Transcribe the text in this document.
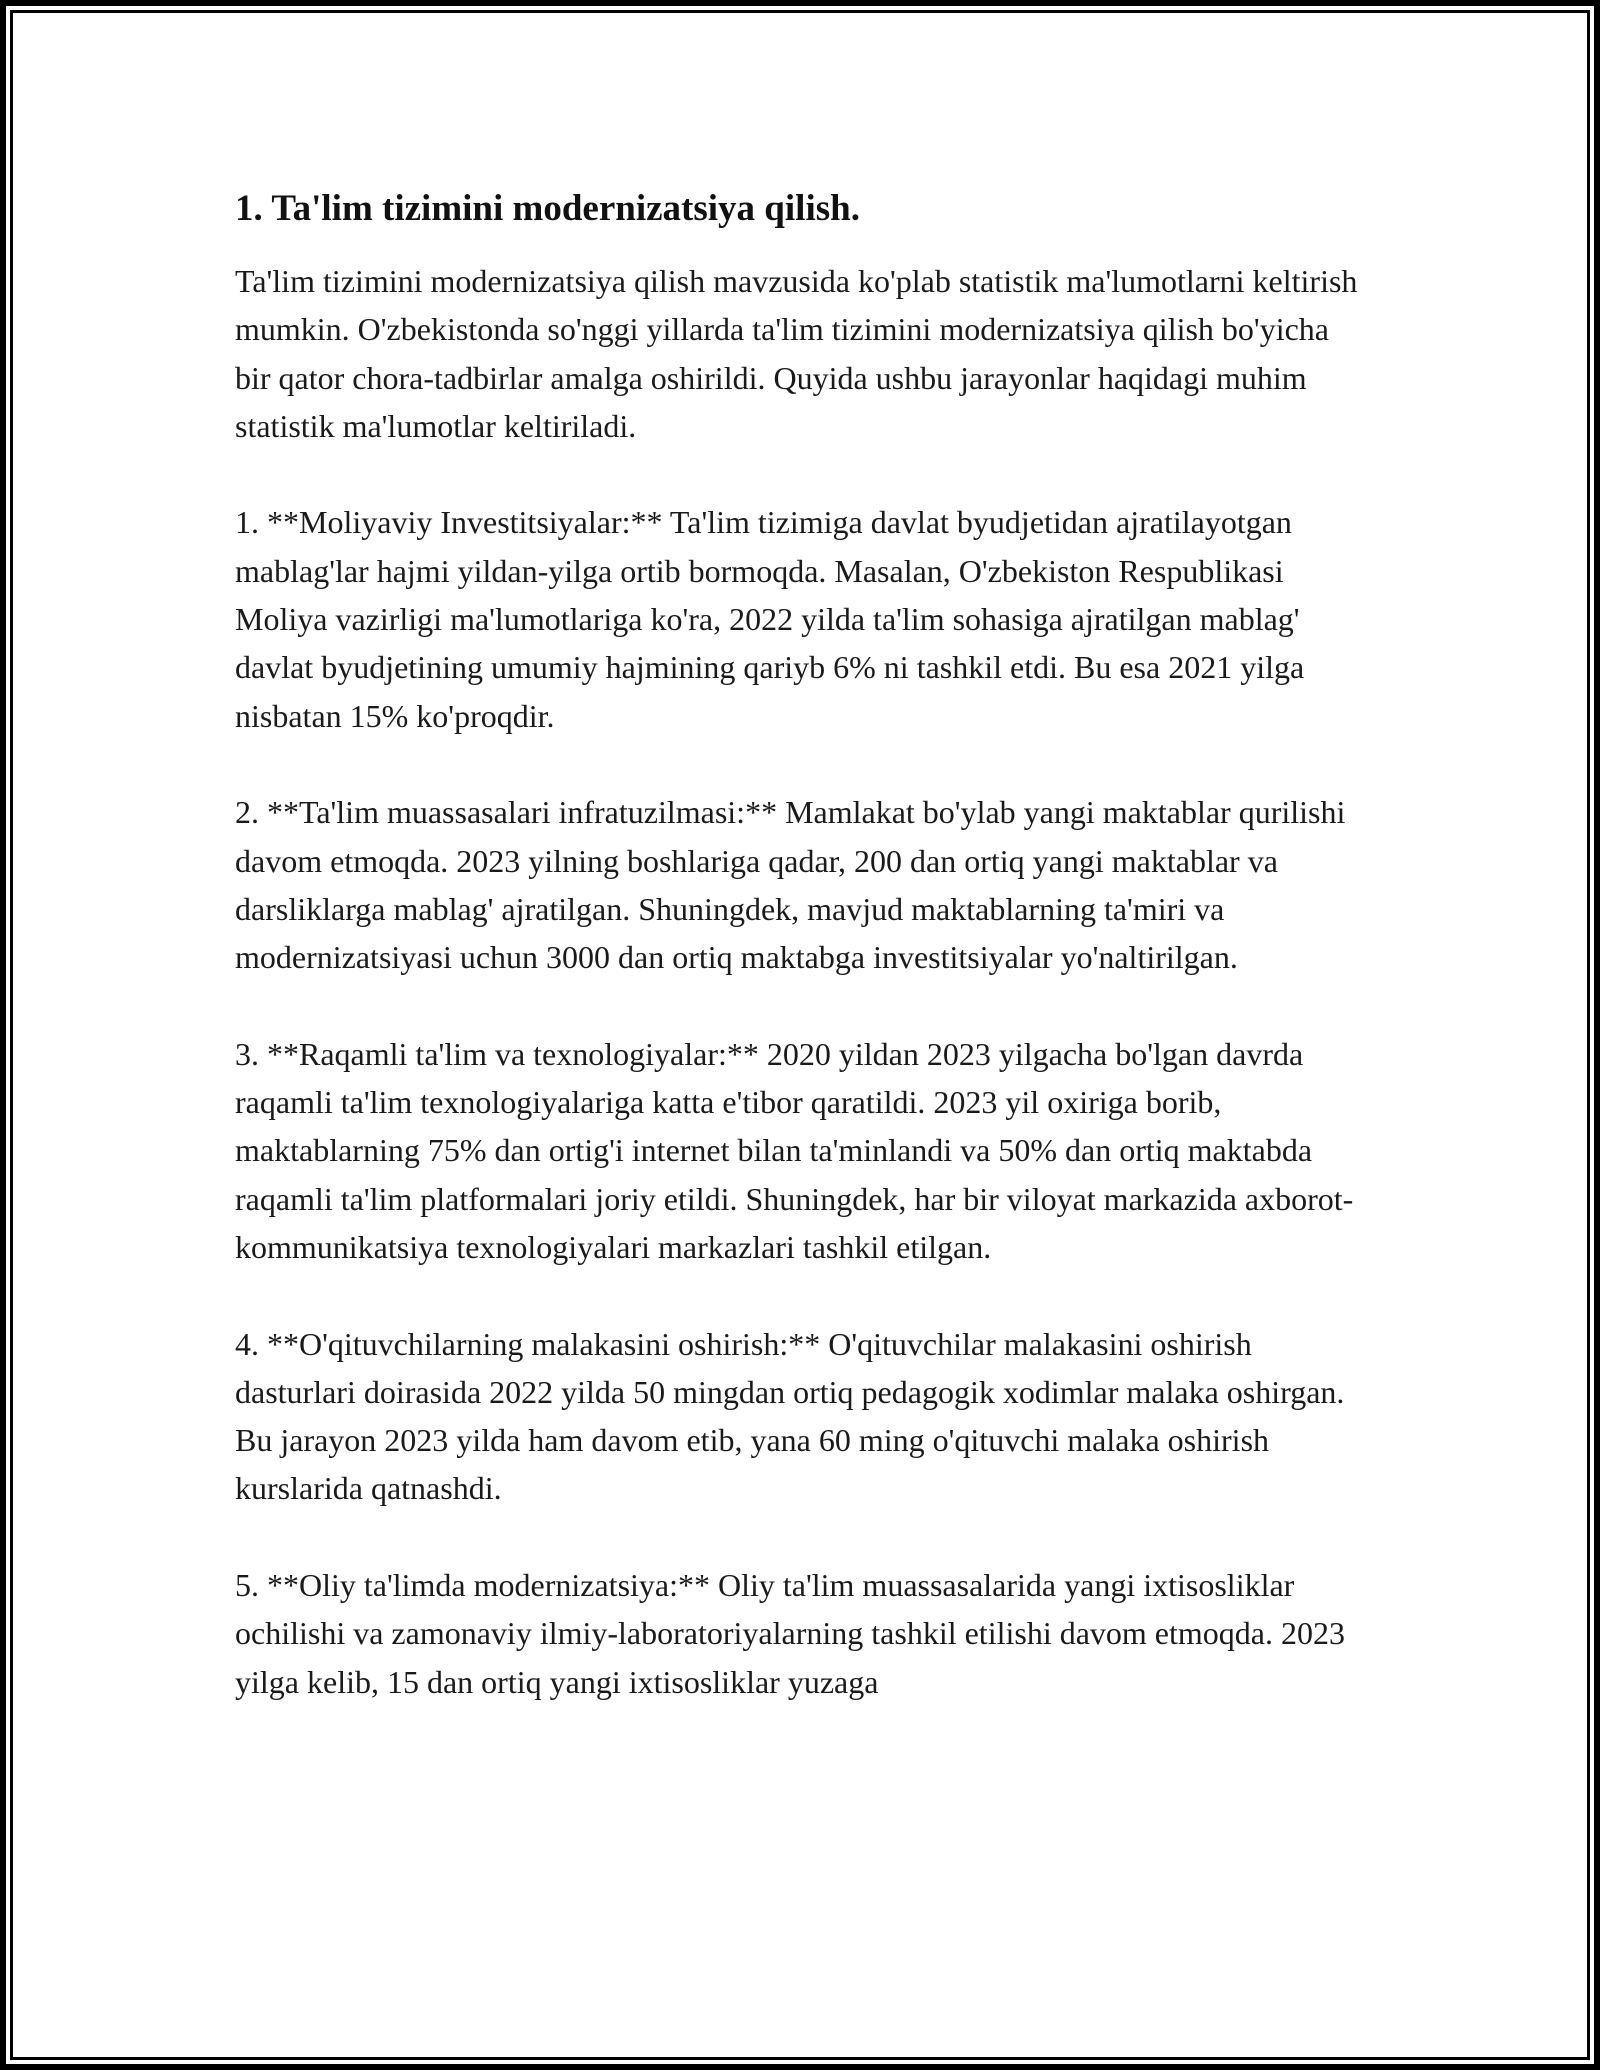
1. Ta'lim tizimini modernizatsiya qilish.

Ta'lim tizimini modernizatsiya qilish mavzusida ko'plab statistik ma'lumotlarni keltirish mumkin. O'zbekistonda so'nggi yillarda ta'lim tizimini modernizatsiya qilish bo'yicha bir qator chora-tadbirlar amalga oshirildi. Quyida ushbu jarayonlar haqidagi muhim statistik ma'lumotlar keltiriladi.

1. **Moliyaviy Investitsiyalar:** Ta'lim tizimiga davlat byudjetidan ajratilayotgan mablag'lar hajmi yildan-yilga ortib bormoqda. Masalan, O'zbekiston Respublikasi Moliya vazirligi ma'lumotlariga ko'ra, 2022 yilda ta'lim sohasiga ajratilgan mablag' davlat byudjetining umumiy hajmining qariyb 6% ni tashkil etdi. Bu esa 2021 yilga nisbatan 15% ko'proqdir.

2. **Ta'lim muassasalari infratuzilmasi:** Mamlakat bo'ylab yangi maktablar qurilishi davom etmoqda. 2023 yilning boshlariga qadar, 200 dan ortiq yangi maktablar va darsliklarga mablag' ajratilgan. Shuningdek, mavjud maktablarning ta'miri va modernizatsiyasi uchun 3000 dan ortiq maktabga investitsiyalar yo'naltirilgan.

3. **Raqamli ta'lim va texnologiyalar:** 2020 yildan 2023 yilgacha bo'lgan davrda raqamli ta'lim texnologiyalariga katta e'tibor qaratildi. 2023 yil oxiriga borib, maktablarning 75% dan ortig'i internet bilan ta'minlandi va 50% dan ortiq maktabda raqamli ta'lim platformalari joriy etildi. Shuningdek, har bir viloyat markazida axborot-kommunikatsiya texnologiyalari markazlari tashkil etilgan.

4. **O'qituvchilarning malakasini oshirish:** O'qituvchilar malakasini oshirish dasturlari doirasida 2022 yilda 50 mingdan ortiq pedagogik xodimlar malaka oshirgan. Bu jarayon 2023 yilda ham davom etib, yana 60 ming o'qituvchi malaka oshirish kurslarida qatnashdi.

5. **Oliy ta'limda modernizatsiya:** Oliy ta'lim muassasalarida yangi ixtisosliklar ochilishi va zamonaviy ilmiy-laboratoriyalarning tashkil etilishi davom etmoqda. 2023 yilga kelib, 15 dan ortiq yangi ixtisosliklar yuzaga
